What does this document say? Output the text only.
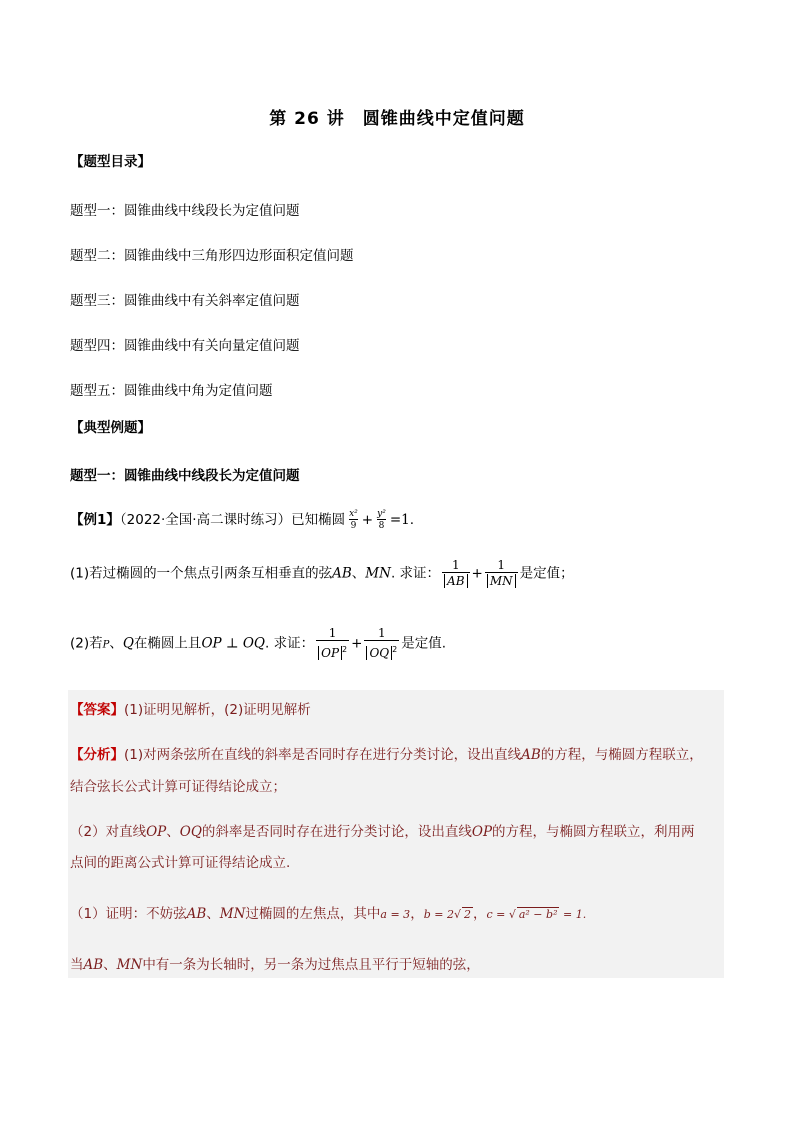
第 26 讲　圆锥曲线中定值问题
【题型目录】
题型一：圆锥曲线中线段长为定值问题
题型二：圆锥曲线中三角形四边形面积定值问题
题型三：圆锥曲线中有关斜率定值问题
题型四：圆锥曲线中有关向量定值问题
题型五：圆锥曲线中角为定值问题
【典型例题】
题型一：圆锥曲线中线段长为定值问题
【例1】（2022·全国·高二课时练习）已知椭圆 $\frac{\text{x²}}{9} + \frac{\text{y²}}{8} =1$.
(1)若过椭圆的一个焦点引两条互相垂直的弦AB、MN. 求证： $\frac{1}{AB} + \frac{1}{MN}$ 是定值；
(2)若P、Q在椭圆上且OP ⊥ OQ. 求证： $\frac{1}{OP ^2} + \frac{1}{OQ ^2}$ 是定值.
【答案】(1)证明见解析，(2)证明见解析
【分析】(1)对两条弦所在直线的斜率是否同时存在进行分类讨论，设出直线AB的方程，与椭圆方程联立，
结合弦长公式计算可证得结论成立；
（2）对直线OP、OQ的斜率是否同时存在进行分类讨论，设出直线OP的方程，与椭圆方程联立，利用两
点间的距离公式计算可证得结论成立.
（1）证明：不妨弦AB、MN过椭圆的左焦点，其中a = 3，b = 2√ 2 ，c = √ a² − b² = 1.
当AB、MN中有一条为长轴时，另一条为过焦点且平行于短轴的弦，
